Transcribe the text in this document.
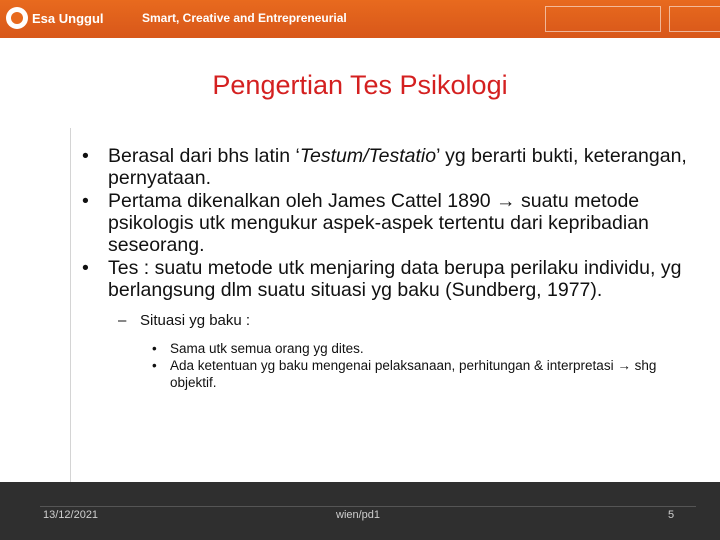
Esa Unggul	Smart, Creative and Entrepreneurial
Pengertian Tes Psikologi
• Berasal dari bhs latin ‘Testum/Testatio’ yg berarti bukti, keterangan, pernyataan.
• Pertama dikenalkan oleh James Cattel 1890 → suatu metode psikologis utk mengukur aspek-aspek tertentu dari kepribadian seseorang.
• Tes : suatu metode utk menjaring data berupa perilaku individu, yg berlangsung dlm suatu situasi yg baku (Sundberg, 1977).
– Situasi yg baku :
• Sama utk semua orang yg dites.
• Ada ketentuan yg baku mengenai pelaksanaan, perhitungan & interpretasi → shg objektif.
13/12/2021	wien/pd1	5
